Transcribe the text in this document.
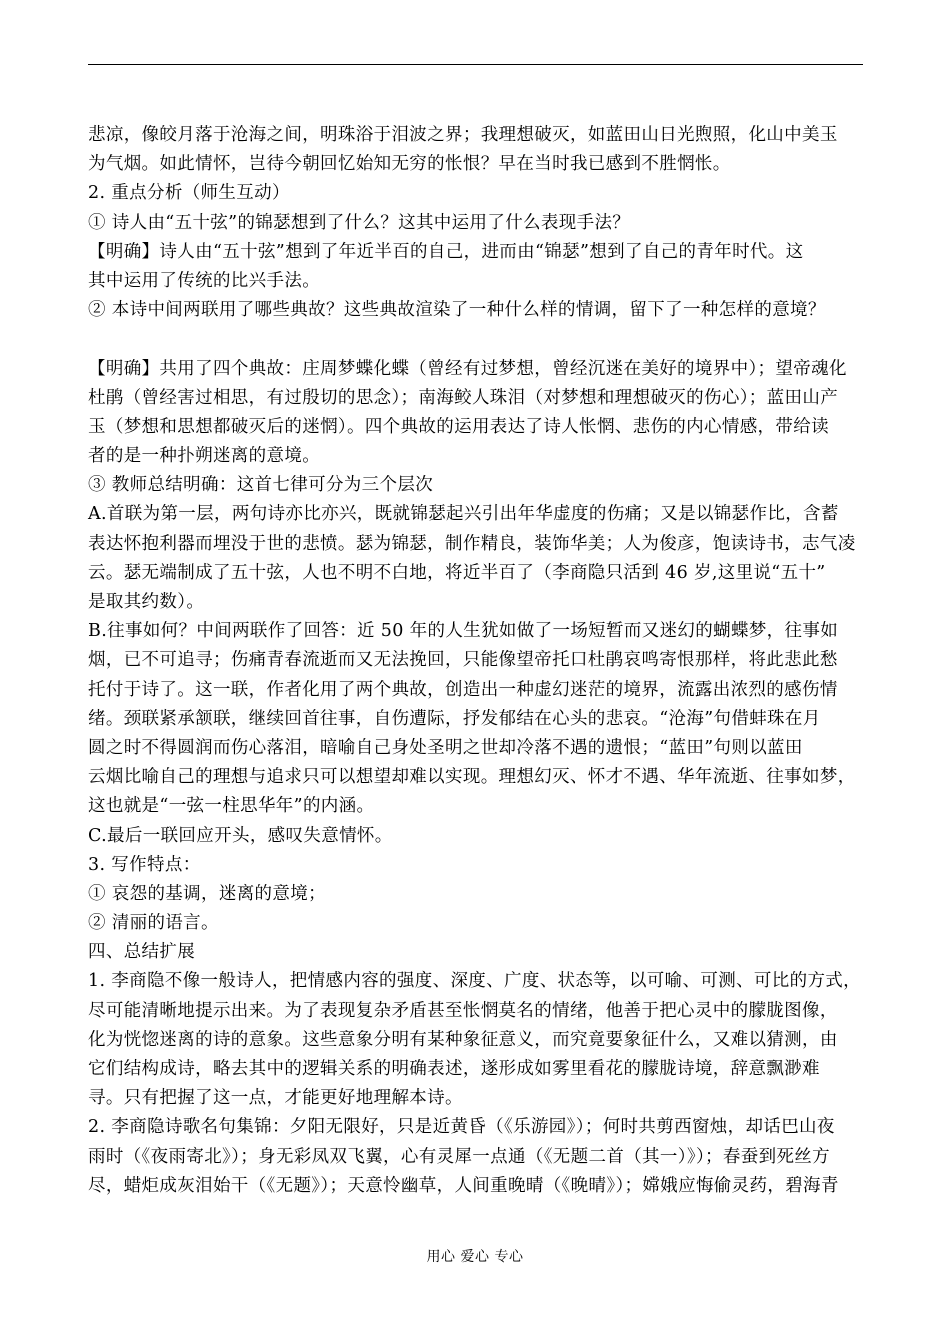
悲凉，像皎月落于沧海之间，明珠浴于泪波之界；我理想破灭，如蓝田山日光煦照，化山中美玉
为气烟。如此情怀，岂待今朝回忆始知无穷的怅恨？早在当时我已感到不胜惘怅。
2. 重点分析（师生互动）
① 诗人由“五十弦”的锦瑟想到了什么？这其中运用了什么表现手法？
【明确】诗人由“五十弦”想到了年近半百的自己，进而由“锦瑟”想到了自己的青年时代。这
其中运用了传统的比兴手法。
② 本诗中间两联用了哪些典故？这些典故渲染了一种什么样的情调，留下了一种怎样的意境？
【明确】共用了四个典故：庄周梦蝶化蝶（曾经有过梦想，曾经沉迷在美好的境界中）；望帝魂化
杜鹃（曾经害过相思，有过殷切的思念）；南海鲛人珠泪（对梦想和理想破灭的伤心）；蓝田山产
玉（梦想和思想都破灭后的迷惘）。四个典故的运用表达了诗人怅惘、悲伤的内心情感，带给读
者的是一种扑朔迷离的意境。
③ 教师总结明确：这首七律可分为三个层次
A.首联为第一层，两句诗亦比亦兴，既就锦瑟起兴引出年华虚度的伤痛；又是以锦瑟作比，含蓄
表达怀抱利器而埋没于世的悲愤。瑟为锦瑟，制作精良，装饰华美；人为俊彦，饱读诗书，志气凌
云。瑟无端制成了五十弦，人也不明不白地，将近半百了（李商隐只活到 46 岁,这里说“五十”
是取其约数）。
B.往事如何？中间两联作了回答：近 50 年的人生犹如做了一场短暂而又迷幻的蝴蝶梦，往事如
烟，已不可追寻；伤痛青春流逝而又无法挽回，只能像望帝托口杜鹃哀鸣寄恨那样，将此悲此愁
托付于诗了。这一联，作者化用了两个典故，创造出一种虚幻迷茫的境界，流露出浓烈的感伤情
绪。颈联紧承颔联，继续回首往事，自伤遭际，抒发郁结在心头的悲哀。“沧海”句借蚌珠在月
圆之时不得圆润而伤心落泪，暗喻自己身处圣明之世却冷落不遇的遗恨；“蓝田”句则以蓝田
云烟比喻自己的理想与追求只可以想望却难以实现。理想幻灭、怀才不遇、华年流逝、往事如梦，
这也就是“一弦一柱思华年”的内涵。
C.最后一联回应开头，感叹失意情怀。
3. 写作特点：
① 哀怨的基调，迷离的意境；
② 清丽的语言。
四、总结扩展
1. 李商隐不像一般诗人，把情感内容的强度、深度、广度、状态等，以可喻、可测、可比的方式，
尽可能清晰地提示出来。为了表现复杂矛盾甚至怅惘莫名的情绪，他善于把心灵中的朦胧图像，
化为恍惚迷离的诗的意象。这些意象分明有某种象征意义，而究竟要象征什么，又难以猜测，由
它们结构成诗，略去其中的逻辑关系的明确表述，遂形成如雾里看花的朦胧诗境，辞意飘渺难
寻。只有把握了这一点，才能更好地理解本诗。
2. 李商隐诗歌名句集锦：夕阳无限好，只是近黄昏（《乐游园》）；何时共剪西窗烛，却话巴山夜
雨时（《夜雨寄北》）；身无彩凤双飞翼，心有灵犀一点通（《无题二首（其一）》）；春蚕到死丝方
尽，蜡炬成灰泪始干（《无题》）；天意怜幽草，人间重晚晴（《晚晴》）；嫦娥应悔偷灵药，碧海青
用心 爱心 专心
